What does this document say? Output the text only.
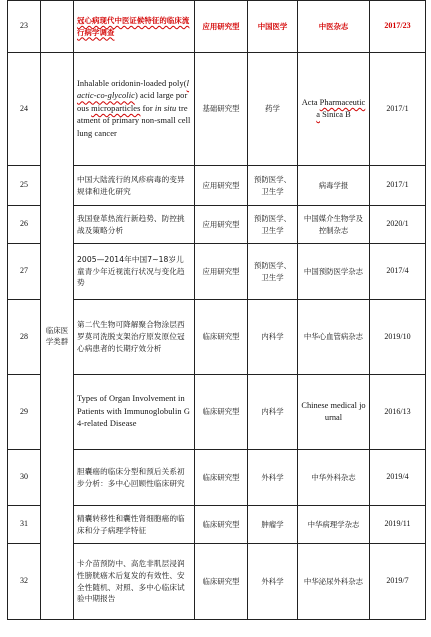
23		冠心病现代中医证候特征的临床流行病学调查	应用研究型	中国医学	中医杂志	2017/23
24	临床医学类群	Inhalable oridonin-loaded poly(lactic-co-glycolic) acid large porous microparticles for in situ treatment of primary non-small cell lung cancer	基础研究型	药学	Acta Pharmaceutica Sinica B	2017/1
25		中国大陆流行的风疹病毒的变异规律和进化研究	应用研究型	预防医学、卫生学	病毒学报	2017/1
26		我国登革热流行新趋势、防控挑战及策略分析	应用研究型	预防医学、卫生学	中国媒介生物学及控制杂志	2020/1
27		2005—2014年中国7~18岁儿童青少年近视流行状况与变化趋势	应用研究型	预防医学、卫生学	中国预防医学杂志	2017/4
28		第二代生物可降解聚合物涂层西罗莫司洗脱支架治疗原发原位冠心病患者的长期疗效分析	临床研究型	内科学	中华心血管病杂志	2019/10
29		Types of Organ Involvement in Patients with Immunoglobulin G4-related Disease	临床研究型	内科学	Chinese medical journal	2016/13
30		胆囊癌的临床分型和预后关系初步分析：多中心回顾性临床研究	临床研究型	外科学	中华外科杂志	2019/4
31		精囊转移性和囊性肾细胞癌的临床和分子病理学特征	临床研究型	肿瘤学	中华病理学杂志	2019/11
32		卡介苗预防中、高危非肌层浸润性膀胱癌术后复发的有效性、安全性随机、对照、多中心临床试验中期报告	临床研究型	外科学	中华泌尿外科杂志	2019/7
